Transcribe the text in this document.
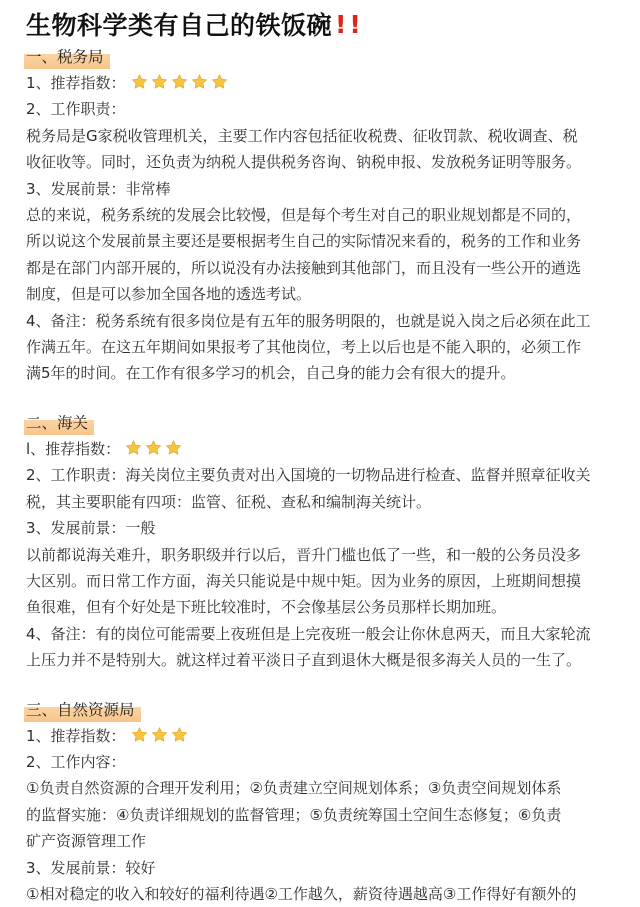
生物科学类有自己的铁饭碗 ! !
一、税务局
1、推荐指数：
2、工作职责：
税务局是G家税收管理机关，主要工作内容包括征收税费、征收罚款、税收调查、税
收征收等。同时，还负责为纳税人提供税务咨询、钠税申报、发放税务证明等服务。
3、发展前景：非常棒
总的来说，税务系统的发展会比较慢，但是每个考生对自己的职业规划都是不同的，
所以说这个发展前景主要还是要根据考生自己的实际情况来看的，税务的工作和业务
都是在部门内部开展的，所以说没有办法接触到其他部门，而且没有一些公开的遒选
制度，但是可以参加全国各地的透选考试。
4、备注：税务系统有很多岗位是有五年的服务明限的，也就是说入岗之后必须在此工
作满五年。在这五年期间如果报考了其他岗位，考上以后也是不能入职的，必须工作
满5年的时间。在工作有很多学习的机会，自己身的能力会有很大的提升。
二、海关
l、推荐指数：
2、工作职责：海关岗位主要负责对出入国境的一切物品进行检查、监督并照章征收关
税，其主要职能有四项：监管、征税、查私和编制海关统计。
3、发展前景：一般
以前都说海关难升，职务职级并行以后，晋升门槛也低了一些，和一般的公务员没多
大区别。而日常工作方面，海关只能说是中规中矩。因为业务的原因，上班期间想摸
鱼很难，但有个好处是下班比较准时，不会像基层公务员那样长期加班。
4、备注：有的岗位可能需要上夜班但是上完夜班一般会让你休息两天，而且大家轮流
上压力并不是特别大。就这样过着平淡日子直到退休大概是很多海关人员的一生了。
三、自然资源局
1、推荐指数：
2、工作内容：
①负责自然资源的合理开发利用；②负责建立空间规划体系；③负责空间规划体系
的监督实施：④负责详细规划的监督管理；⑤负责统筹国土空间生态修复；⑥负责
矿产资源管理工作
3、发展前景：较好
①相对稳定的收入和较好的福利待遇②工作越久，薪资待遇越高③工作得好有额外的
